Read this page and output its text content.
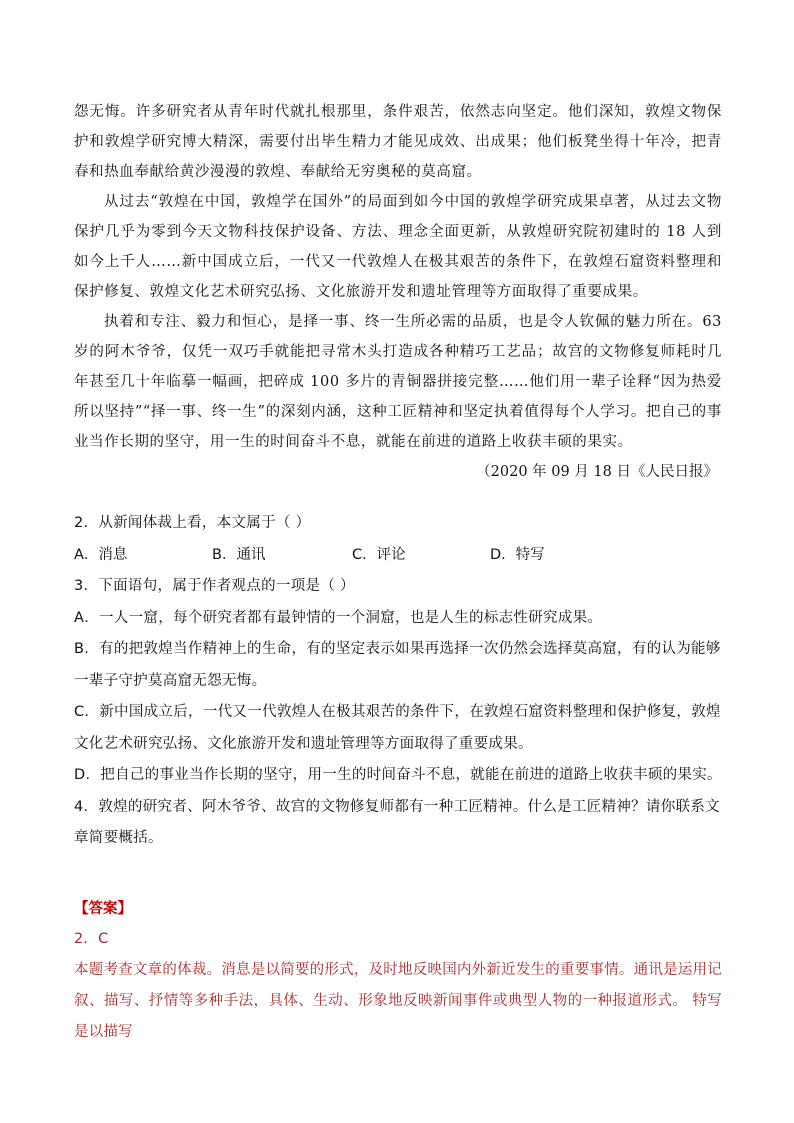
怨无悔。许多研究者从青年时代就扎根那里，条件艰苦，依然志向坚定。他们深知，敦煌文物保护和敦煌学研究博大精深，需要付出毕生精力才能见成效、出成果；他们板凳坐得十年冷，把青春和热血奉献给黄沙漫漫的敦煌、奉献给无穷奥秘的莫高窟。

从过去“敦煌在中国，敦煌学在国外”的局面到如今中国的敦煌学研究成果卓著，从过去文物保护几乎为零到今天文物科技保护设备、方法、理念全面更新，从敦煌研究院初建时的 18 人到如今上千人……新中国成立后，一代又一代敦煌人在极其艰苦的条件下，在敦煌石窟资料整理和保护修复、敦煌文化艺术研究弘扬、文化旅游开发和遗址管理等方面取得了重要成果。

执着和专注、毅力和恒心，是择一事、终一生所必需的品质，也是令人钦佩的魅力所在。63 岁的阿木爷爷，仅凭一双巧手就能把寻常木头打造成各种精巧工艺品；故宫的文物修复师耗时几年甚至几十年临摹一幅画，把碎成 100 多片的青铜器拼接完整……他们用一辈子诠释“因为热爱所以坚持”“择一事、终一生”的深刻内涵，这种工匠精神和坚定执着值得每个人学习。把自己的事业当作长期的坚守，用一生的时间奋斗不息，就能在前进的道路上收获丰硕的果实。

（2020 年 09 月 18 日《人民日报》

2．从新闻体裁上看，本文属于（ ）

A．消息	B．通讯	C．评论	D．特写

3．下面语句，属于作者观点的一项是（ ）

A．一人一窟，每个研究者都有最钟情的一个洞窟，也是人生的标志性研究成果。

B．有的把敦煌当作精神上的生命，有的坚定表示如果再选择一次仍然会选择莫高窟，有的认为能够一辈子守护莫高窟无怨无悔。

C．新中国成立后，一代又一代敦煌人在极其艰苦的条件下，在敦煌石窟资料整理和保护修复，敦煌文化艺术研究弘扬、文化旅游开发和遗址管理等方面取得了重要成果。

D．把自己的事业当作长期的坚守，用一生的时间奋斗不息，就能在前进的道路上收获丰硕的果实。

4．敦煌的研究者、阿木爷爷、故宫的文物修复师都有一种工匠精神。什么是工匠精神？请你联系文章简要概括。

【答案】

2．C

本题考查文章的体裁。消息是以简要的形式，及时地反映国内外新近发生的重要事情。通讯是运用记叙、描写、抒情等多种手法，具体、生动、形象地反映新闻事件或典型人物的一种报道形式。 特写是以描写
